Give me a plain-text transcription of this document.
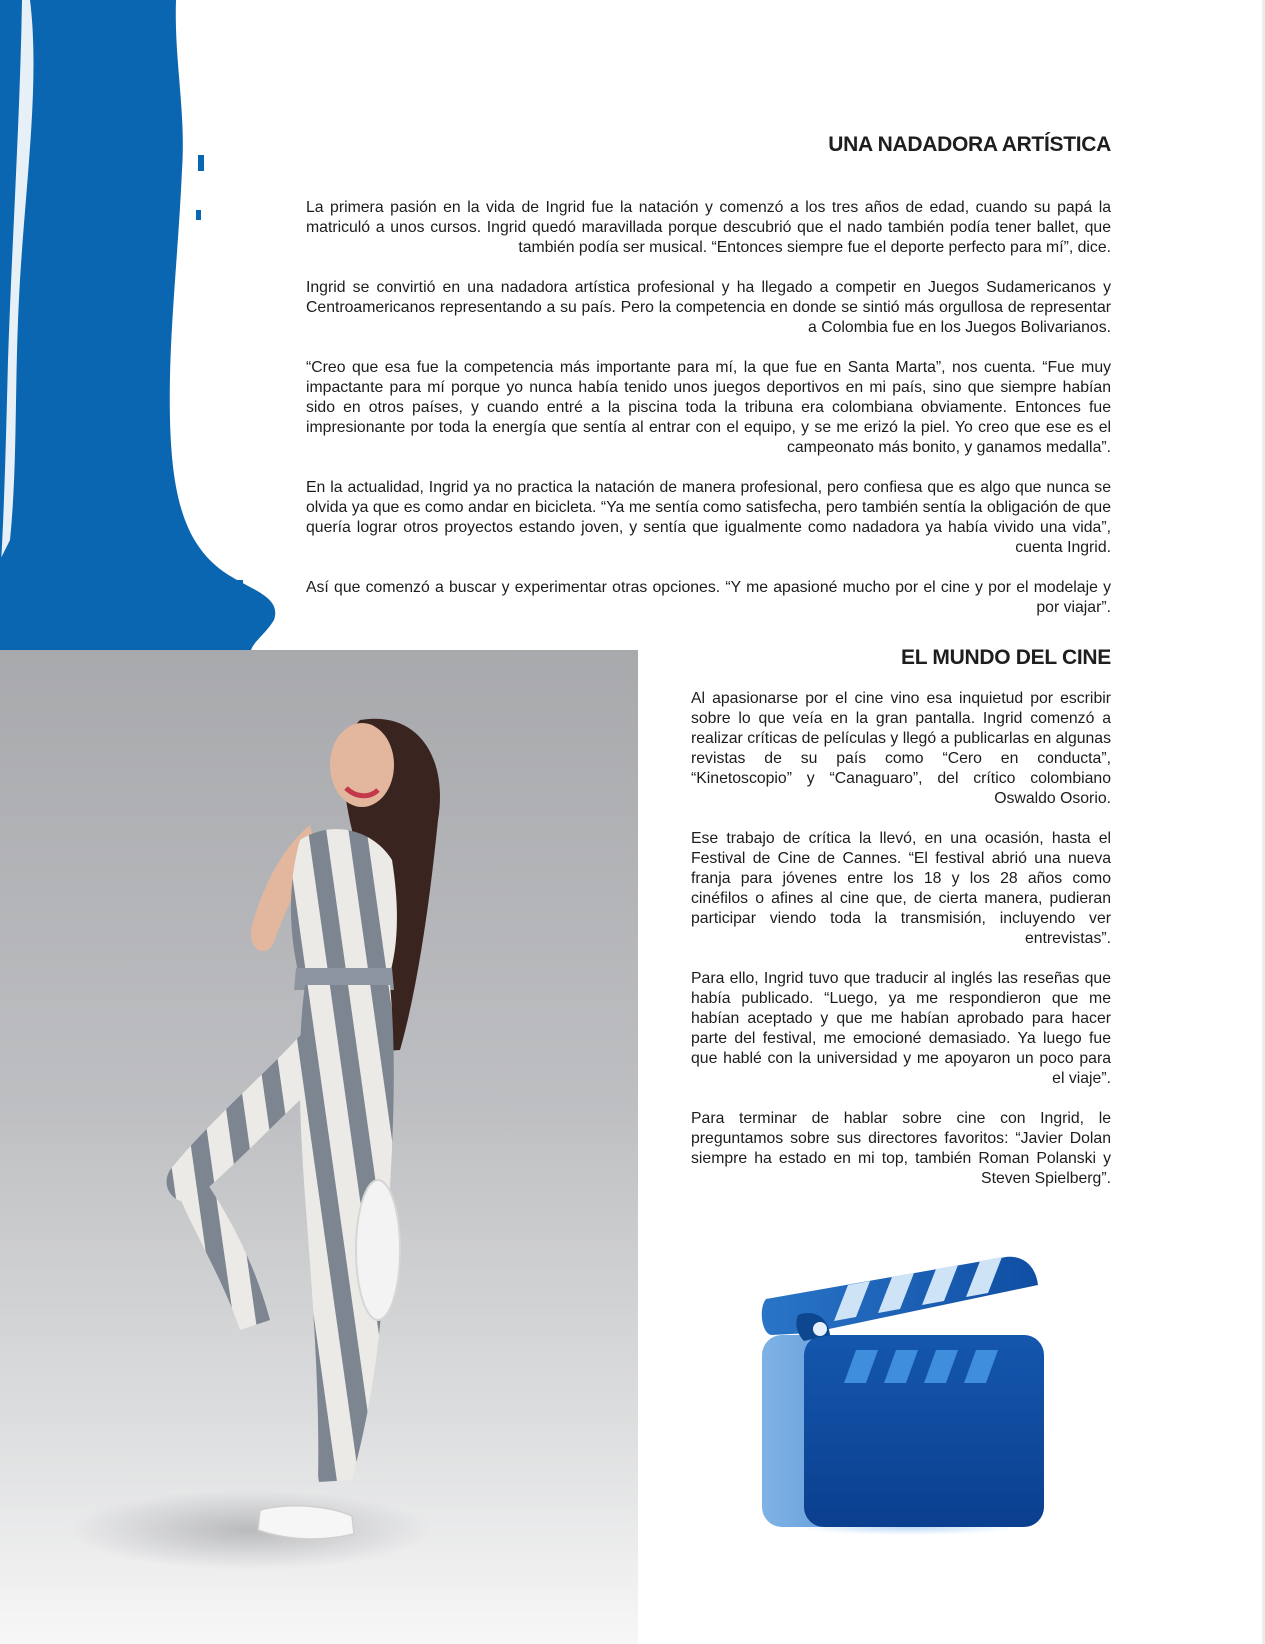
UNA NADADORA ARTÍSTICA

La primera pasión en la vida de Ingrid fue la natación y comenzó a los tres años de edad, cuando su papá la matriculó a unos cursos. Ingrid quedó maravillada porque descubrió que el nado también podía tener ballet, que también podía ser musical. “Entonces siempre fue el deporte perfecto para mí”, dice.

Ingrid se convirtió en una nadadora artística profesional y ha llegado a competir en Juegos Sudamericanos y Centroamericanos representando a su país. Pero la competencia en donde se sintió más orgullosa de representar a Colombia fue en los Juegos Bolivarianos.

“Creo que esa fue la competencia más importante para mí, la que fue en Santa Marta”, nos cuenta. “Fue muy impactante para mí porque yo nunca había tenido unos juegos deportivos en mi país, sino que siempre habían sido en otros países, y cuando entré a la piscina toda la tribuna era colombiana obviamente. Entonces fue impresionante por toda la energía que sentía al entrar con el equipo, y se me erizó la piel. Yo creo que ese es el campeonato más bonito, y ganamos medalla”.

En la actualidad, Ingrid ya no practica la natación de manera profesional, pero confiesa que es algo que nunca se olvida ya que es como andar en bicicleta. “Ya me sentía como satisfecha, pero también sentía la obligación de que quería lograr otros proyectos estando joven, y sentía que igualmente como nadadora ya había vivido una vida”, cuenta Ingrid.

Así que comenzó a buscar y experimentar otras opciones. “Y me apasioné mucho por el cine y por el modelaje y por viajar”.

EL MUNDO DEL CINE

Al apasionarse por el cine vino esa inquietud por escribir sobre lo que veía en la gran pantalla. Ingrid comenzó a realizar críticas de películas y llegó a publicarlas en algunas revistas de su país como “Cero en conducta”, “Kinetoscopio” y “Canaguaro”, del crítico colombiano Oswaldo Osorio.

Ese trabajo de crítica la llevó, en una ocasión, hasta el Festival de Cine de Cannes. “El festival abrió una nueva franja para jóvenes entre los 18 y los 28 años como cinéfilos o afines al cine que, de cierta manera, pudieran participar viendo toda la transmisión, incluyendo ver entrevistas”.

Para ello, Ingrid tuvo que traducir al inglés las reseñas que había publicado. “Luego, ya me respondieron que me habían aceptado y que me habían aprobado para hacer parte del festival, me emocioné demasiado. Ya luego fue que hablé con la universidad y me apoyaron un poco para el viaje”.

Para terminar de hablar sobre cine con Ingrid, le preguntamos sobre sus directores favoritos: “Javier Dolan siempre ha estado en mi top, también Roman Polanski y Steven Spielberg”.
